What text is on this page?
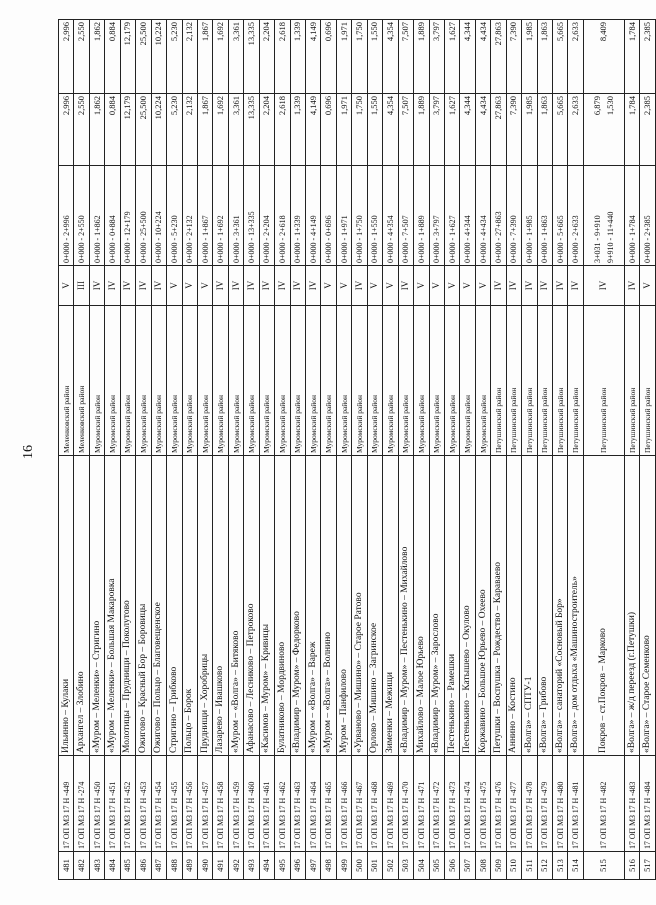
16
481	17 ОП МЗ 17 Н -449	Ильинно – Кулаки	Меленковский район	V	0+000 - 2+996	2,996	2,996
482	17 ОП МЗ 17 Н -274	Архангел – Злобино	Меленковский район	III	0+000 - 2+550	2,550	2,550
483	17 ОП МЗ 17 Н -450	«Муром – Меленки» – Стригино	Муромский район	IV	0+000 - 1+862	1,862	1,862
484	17 ОП МЗ 17 Н -451	«Муром – Меленки» – Большая Макаровка	Муромский район	IV	0+000 - 0+884	0,884	0,884
485	17 ОП МЗ 17 Н -452	Молотицы – Пруднищи – Поколутово	Муромский район	IV	0+000 - 12+179	12,179	12,179
486	17 ОП МЗ 17 Н -453	Ожигово – Красный Бор – Боровицы	Муромский район	IV	0+000 - 25+500	25,500	25,500
487	17 ОП МЗ 17 Н -454	Ожигово – Польцо – Благовещенское	Муромский район	IV	0+000 - 10+224	10,224	10,224
488	17 ОП МЗ 17 Н -455	Стригино – Грибково	Муромский район	V	0+000 - 5+230	5,230	5,230
489	17 ОП МЗ 17 Н -456	Польцо – Борок	Муромский район	V	0+000 - 2+132	2,132	2,132
490	17 ОП МЗ 17 Н -457	Пруднищи – Хоробрицы	Муромский район	V	0+000 - 1+867	1,867	1,867
491	17 ОП МЗ 17 Н -458	Лазарево – Ивашково	Муромский район	IV	0+000 - 1+692	1,692	1,692
492	17 ОП МЗ 17 Н -459	«Муром – «Волга» – Битяково	Муромский район	IV	0+000 - 3+361	3,361	3,361
493	17 ОП МЗ 17 Н -460	Афанасово – Лесниково – Петроково	Муромский район	IV	0+000 - 13+335	13,335	13,335
494	17 ОП МЗ 17 Н -461	«Касимов – Муром» – Кривицы	Муромский район	IV	0+000 - 2+204	2,204	2,204
495	17 ОП МЗ 17 Н -462	Булатниково – Мордвиново	Муромский район	IV	0+000 - 2+618	2,618	2,618
496	17 ОП МЗ 17 Н -463	«Владимир – Муром» – Федорково	Муромский район	IV	0+000 - 1+339	1,339	1,339
497	17 ОП МЗ 17 Н -464	«Муром – «Волга» – Вареж	Муромский район	IV	0+000 - 4+149	4,149	4,149
498	17 ОП МЗ 17 Н -465	«Муром – «Волга» – Волнино	Муромский район	V	0+000 - 0+696	0,696	0,696
499	17 ОП МЗ 17 Н -466	Муром – Панфилово	Муромский район	V	0+000 - 1+971	1,971	1,971
500	17 ОП МЗ 17 Н -467	«Урваново – Мишино» – Старое Ратово	Муромский район	IV	0+000 - 1+750	1,750	1,750
501	17 ОП МЗ 17 Н -468	Орлово – Мишино – Загринское	Муромский район	V	0+000 - 1+550	1,550	1,550
502	17 ОП МЗ 17 Н -469	Зименки – Межищи	Муромский район	V	0+000 - 4+354	4,354	4,354
503	17 ОП МЗ 17 Н -470	«Владимир – Муром» – Пестенькино – Михайлово	Муромский район	IV	0+000 - 7+507	7,507	7,507
504	17 ОП МЗ 17 Н -471	Михайлово – Малое Юрьево	Муромский район	V	0+000 - 1+889	1,889	1,889
505	17 ОП МЗ 17 Н -472	«Владимир – Муром» – Зарослово	Муромский район	V	0+000 - 3+797	3,797	3,797
506	17 ОП МЗ 17 Н -473	Пестенькино – Рамешки	Муромский район	V	0+000 - 1+627	1,627	1,627
507	17 ОП МЗ 17 Н -474	Пестенькино – Катышево – Окулово	Муромский район	V	0+000 - 4+344	4,344	4,344
508	17 ОП МЗ 17 Н -475	Коржавино – Большое Юрьево – Охеево	Муромский район	V	0+000 - 4+434	4,434	4,434
509	17 ОП МЗ 17 Н -476	Петушки – Воспушка – Рождество – Караваево	Петушинский район	IV	0+000 - 27+863	27,863	27,863
510	17 ОП МЗ 17 Н -477	Аннино – Костино	Петушинский район	IV	0+000 - 7+390	7,390	7,390
511	17 ОП МЗ 17 Н -478	«Волга» – СПТУ-1	Петушинский район	IV	0+000 - 1+985	1,985	1,985
512	17 ОП МЗ 17 Н -479	«Волга» – Грибово	Петушинский район	IV	0+000 - 1+863	1,863	1,863
513	17 ОП МЗ 17 Н -480	«Волга» – санаторий «Сосновый Бор»	Петушинский район	IV	0+000 - 5+665	5,665	5,665
514	17 ОП МЗ 17 Н -481	«Волга» – дом отдыха «Машиностроитель»	Петушинский район	IV	0+000 - 2+633	2,633	2,633
515	17 ОП МЗ 17 Н -482	Покров – ст.Покров – Марково	Петушинский район	IV	3+031 - 9+910 9+910 - 11+440	6,879 1,530	8,409
516	17 ОП МЗ 17 Н -483	«Волга» – ж/д переезд (г.Петушки)	Петушинский район	IV	0+000 - 1+784	1,784	1,784
517	17 ОП МЗ 17 Н -484	«Волга» – Старое Семенково	Петушинский район	V	0+000 - 2+385	2,385	2,385
